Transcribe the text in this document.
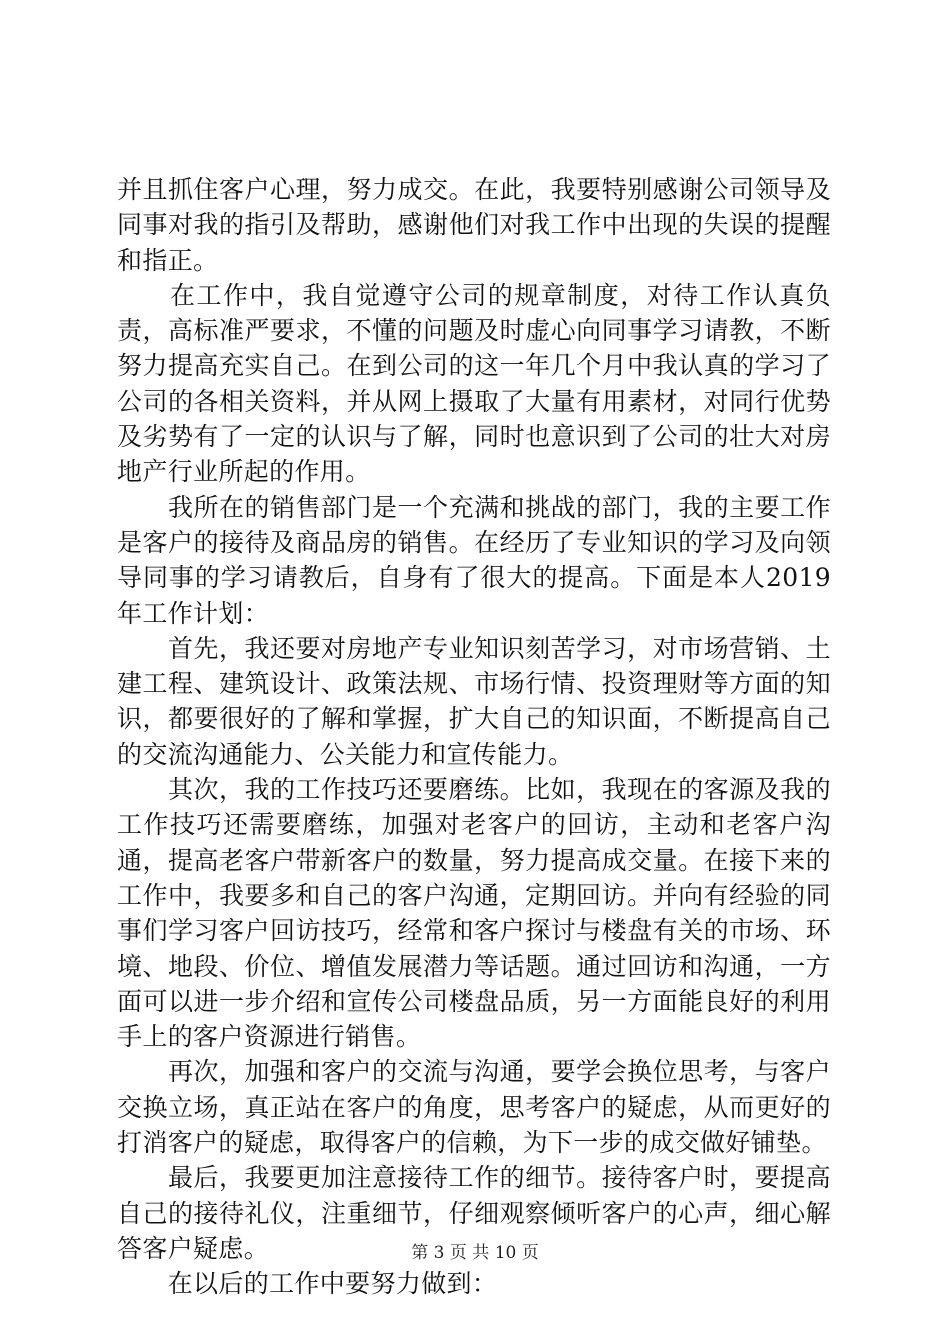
并且抓住客户心理，努力成交。在此，我要特别感谢公司领导及同事对我的指引及帮助，感谢他们对我工作中出现的失误的提醒和指正。

　　在工作中，我自觉遵守公司的规章制度，对待工作认真负责，高标准严要求，不懂的问题及时虚心向同事学习请教，不断努力提高充实自己。在到公司的这一年几个月中我认真的学习了公司的各相关资料，并从网上摄取了大量有用素材，对同行优势及劣势有了一定的认识与了解，同时也意识到了公司的壮大对房地产行业所起的作用。

　　我所在的销售部门是一个充满和挑战的部门，我的主要工作是客户的接待及商品房的销售。在经历了专业知识的学习及向领导同事的学习请教后，自身有了很大的提高。下面是本人2019年工作计划：

　　首先，我还要对房地产专业知识刻苦学习，对市场营销、土建工程、建筑设计、政策法规、市场行情、投资理财等方面的知识，都要很好的了解和掌握，扩大自己的知识面，不断提高自己的交流沟通能力、公关能力和宣传能力。

　　其次，我的工作技巧还要磨练。比如，我现在的客源及我的工作技巧还需要磨练，加强对老客户的回访，主动和老客户沟通，提高老客户带新客户的数量，努力提高成交量。在接下来的工作中，我要多和自己的客户沟通，定期回访。并向有经验的同事们学习客户回访技巧，经常和客户探讨与楼盘有关的市场、环境、地段、价位、增值发展潜力等话题。通过回访和沟通，一方面可以进一步介绍和宣传公司楼盘品质，另一方面能良好的利用手上的客户资源进行销售。

　　再次，加强和客户的交流与沟通，要学会换位思考，与客户交换立场，真正站在客户的角度，思考客户的疑虑，从而更好的打消客户的疑虑，取得客户的信赖，为下一步的成交做好铺垫。

　　最后，我要更加注意接待工作的细节。接待客户时，要提高自己的接待礼仪，注重细节，仔细观察倾听客户的心声，细心解答客户疑虑。

　　在以后的工作中要努力做到：

第 3 页 共 10 页
